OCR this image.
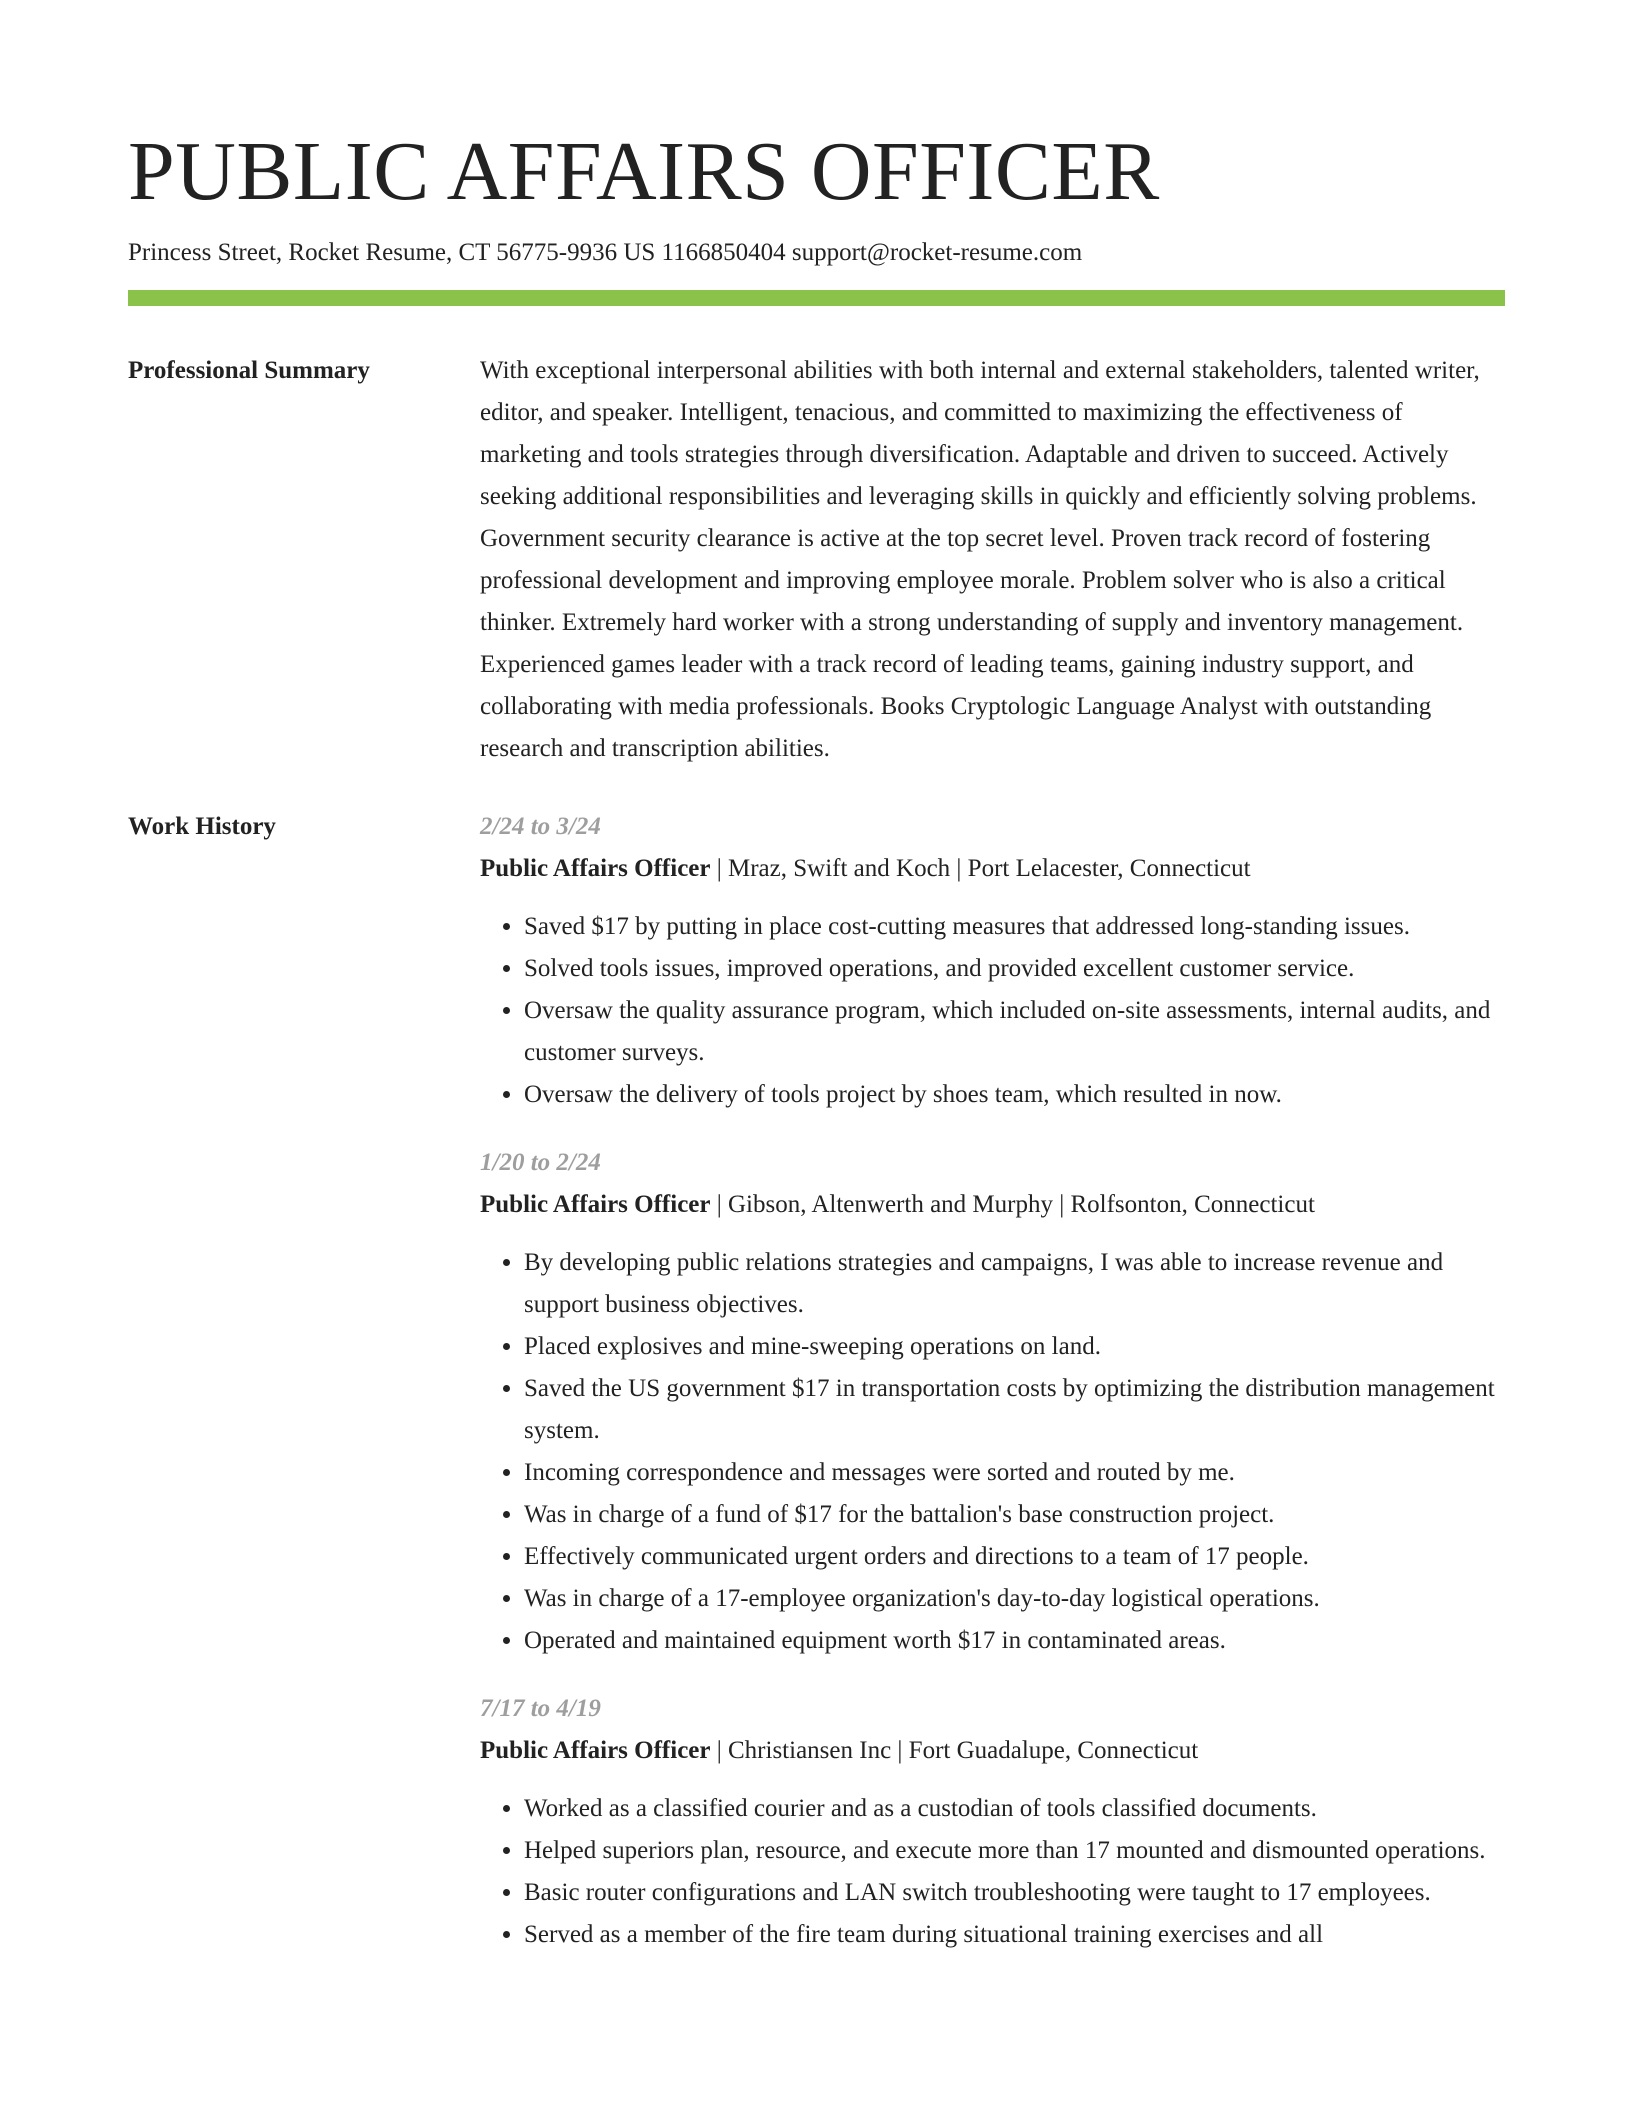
PUBLIC AFFAIRS OFFICER
Princess Street, Rocket Resume, CT 56775-9936 US 1166850404 support@rocket-resume.com
Professional Summary	With exceptional interpersonal abilities with both internal and external stakeholders, talented writer, editor, and speaker. Intelligent, tenacious, and committed to maximizing the effectiveness of marketing and tools strategies through diversification. Adaptable and driven to succeed. Actively seeking additional responsibilities and leveraging skills in quickly and efficiently solving problems. Government security clearance is active at the top secret level. Proven track record of fostering professional development and improving employee morale. Problem solver who is also a critical thinker. Extremely hard worker with a strong understanding of supply and inventory management. Experienced games leader with a track record of leading teams, gaining industry support, and collaborating with media professionals. Books Cryptologic Language Analyst with outstanding research and transcription abilities.

Work History	2/24 to 3/24
Public Affairs Officer | Mraz, Swift and Koch | Port Lelacester, Connecticut
• Saved $17 by putting in place cost-cutting measures that addressed long-standing issues.
• Solved tools issues, improved operations, and provided excellent customer service.
• Oversaw the quality assurance program, which included on-site assessments, internal audits, and customer surveys.
• Oversaw the delivery of tools project by shoes team, which resulted in now.
1/20 to 2/24
Public Affairs Officer | Gibson, Altenwerth and Murphy | Rolfsonton, Connecticut
• By developing public relations strategies and campaigns, I was able to increase revenue and support business objectives.
• Placed explosives and mine-sweeping operations on land.
• Saved the US government $17 in transportation costs by optimizing the distribution management system.
• Incoming correspondence and messages were sorted and routed by me.
• Was in charge of a fund of $17 for the battalion's base construction project.
• Effectively communicated urgent orders and directions to a team of 17 people.
• Was in charge of a 17-employee organization's day-to-day logistical operations.
• Operated and maintained equipment worth $17 in contaminated areas.
7/17 to 4/19
Public Affairs Officer | Christiansen Inc | Fort Guadalupe, Connecticut
• Worked as a classified courier and as a custodian of tools classified documents.
• Helped superiors plan, resource, and execute more than 17 mounted and dismounted operations.
• Basic router configurations and LAN switch troubleshooting were taught to 17 employees.
• Served as a member of the fire team during situational training exercises and all
